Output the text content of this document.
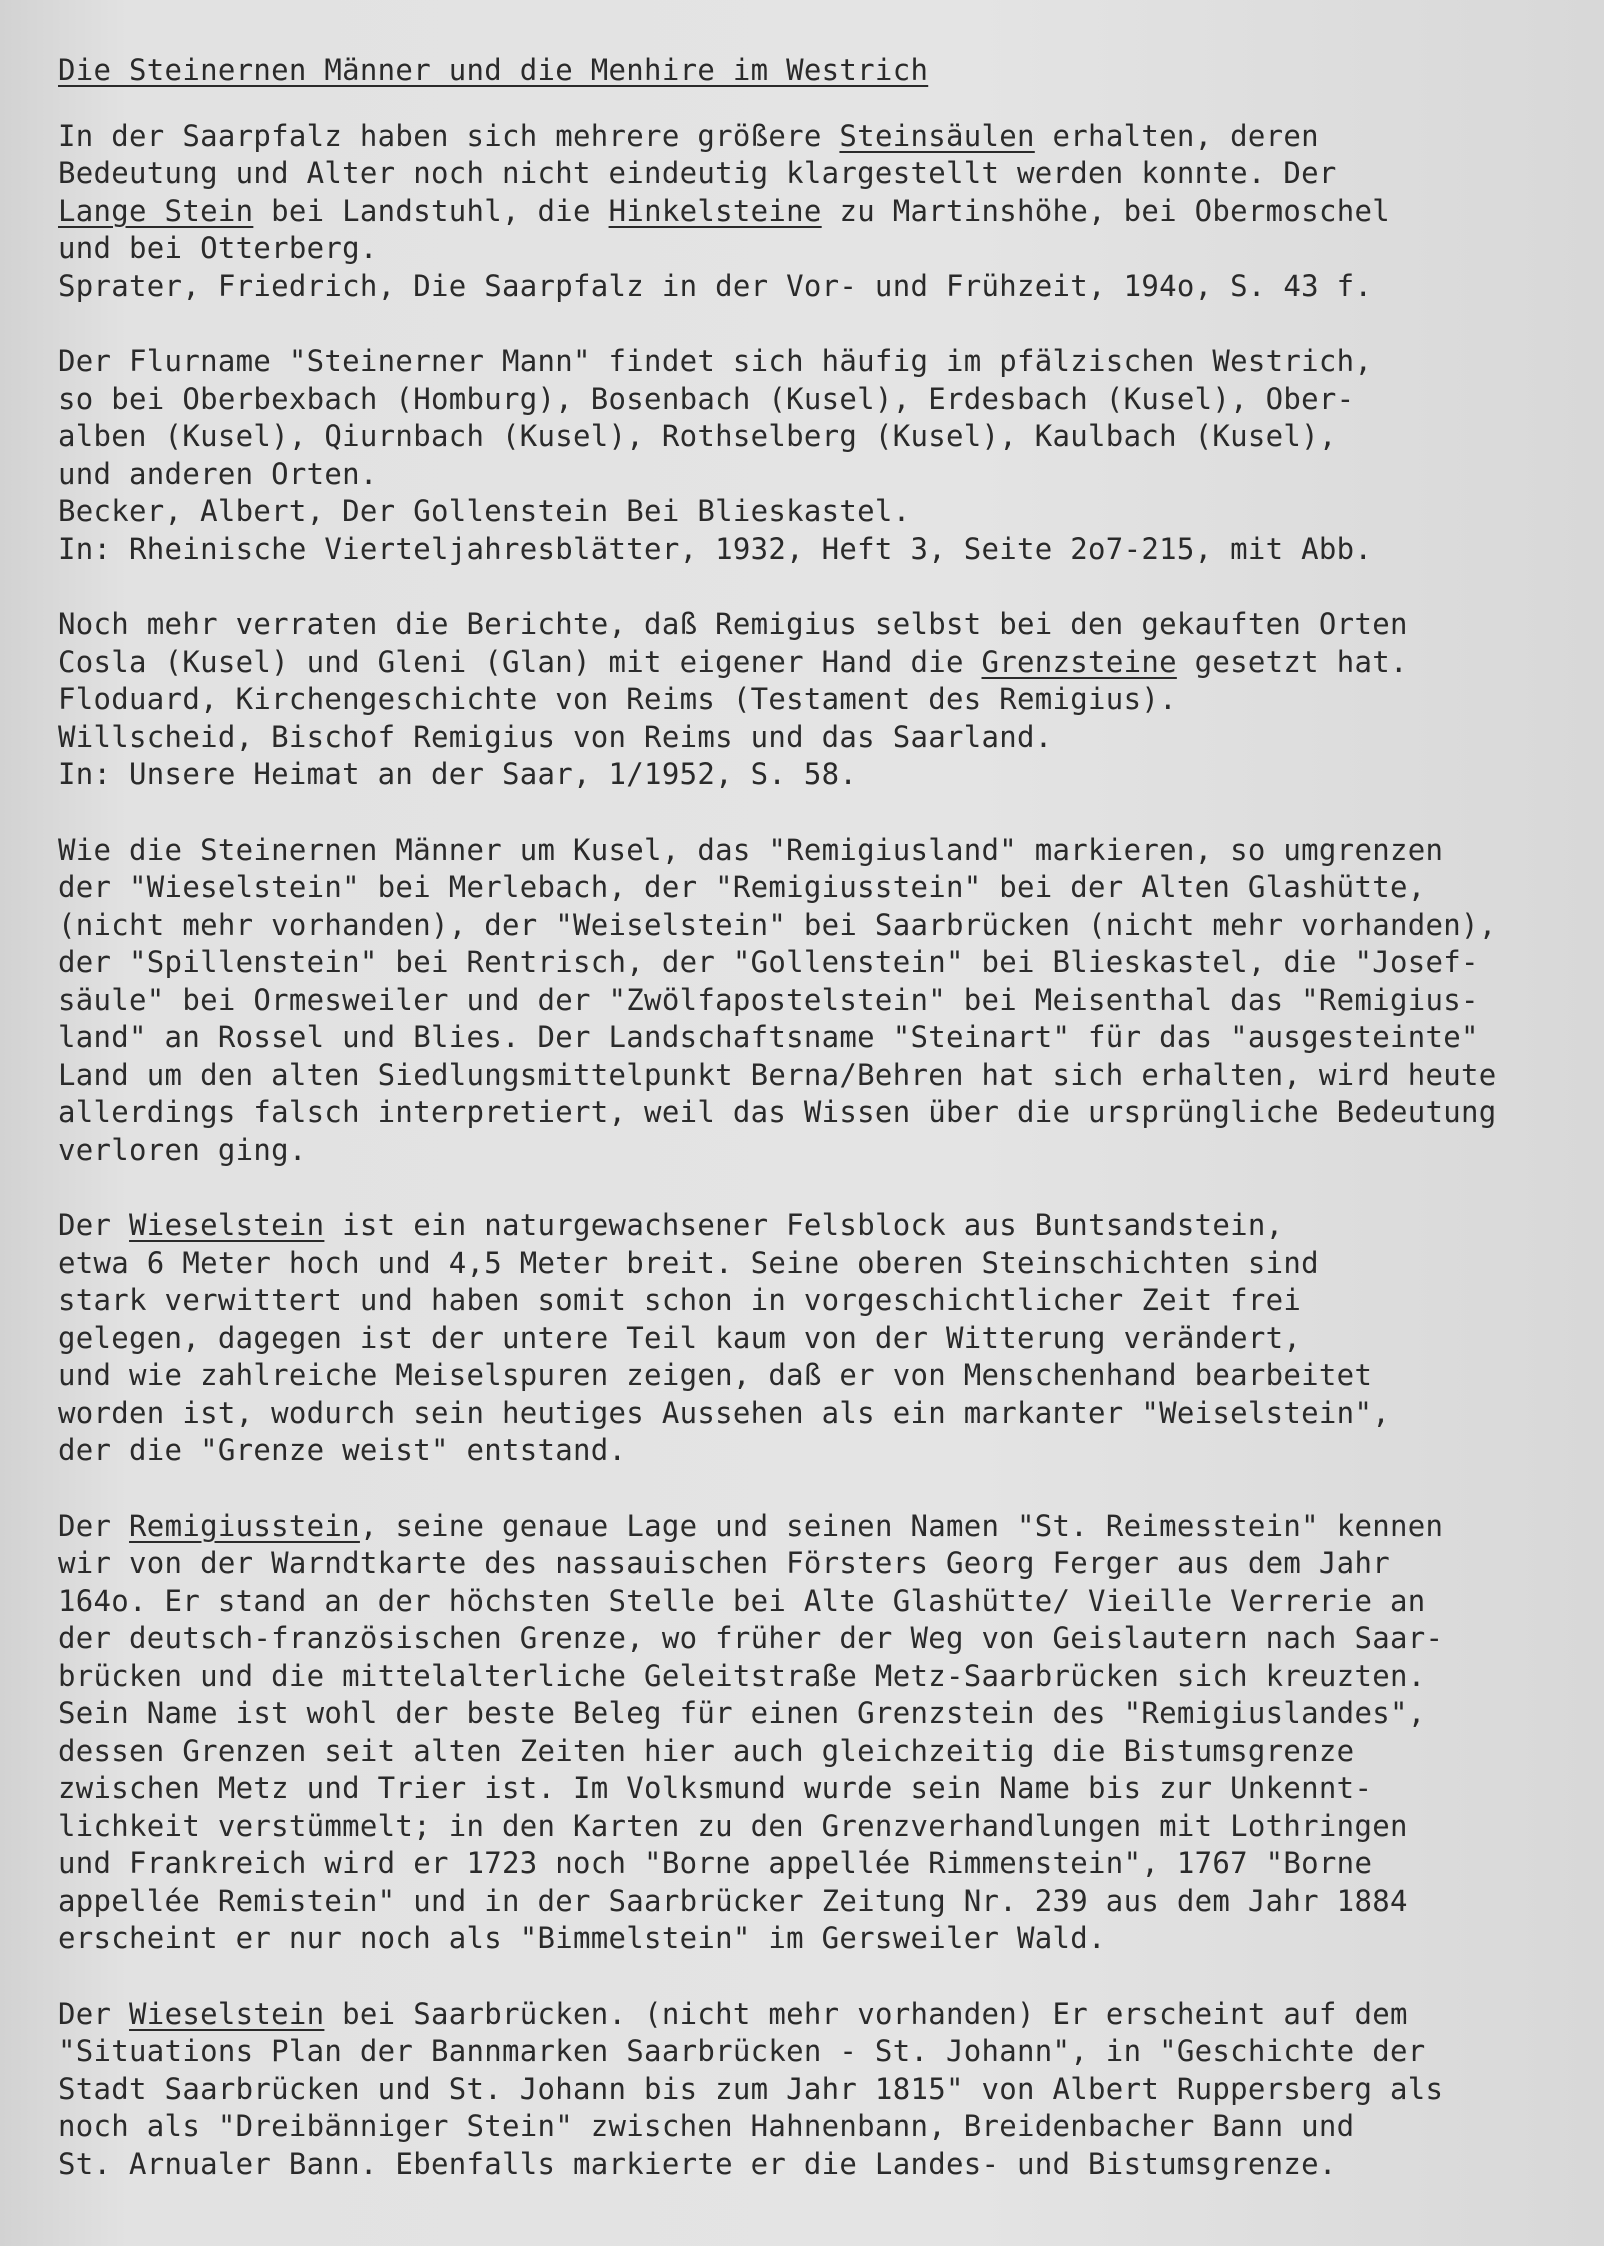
Die Steinernen Männer und die Menhire im Westrich
In der Saarpfalz haben sich mehrere größere Steinsäulen erhalten, deren
Bedeutung und Alter noch nicht eindeutig klargestellt werden konnte. Der
Lange Stein bei Landstuhl, die Hinkelsteine zu Martinshöhe, bei Obermoschel
und bei Otterberg.
Sprater, Friedrich, Die Saarpfalz in der Vor- und Frühzeit, 194o, S. 43 f.
Der Flurname "Steinerner Mann" findet sich häufig im pfälzischen Westrich,
so bei Oberbexbach (Homburg), Bosenbach (Kusel), Erdesbach (Kusel), Ober-
alben (Kusel), Qiurnbach (Kusel), Rothselberg (Kusel), Kaulbach (Kusel),
und anderen Orten.
Becker, Albert, Der Gollenstein Bei Blieskastel.
In: Rheinische Vierteljahresblätter, 1932, Heft 3, Seite 2o7-215, mit Abb.
Noch mehr verraten die Berichte, daß Remigius selbst bei den gekauften Orten
Cosla (Kusel) und Gleni (Glan) mit eigener Hand die Grenzsteine gesetzt hat.
Floduard, Kirchengeschichte von Reims (Testament des Remigius).
Willscheid, Bischof Remigius von Reims und das Saarland.
In: Unsere Heimat an der Saar, 1/1952, S. 58.
Wie die Steinernen Männer um Kusel, das "Remigiusland" markieren, so umgrenzen
der "Wieselstein" bei Merlebach, der "Remigiusstein" bei der Alten Glashütte,
(nicht mehr vorhanden), der "Weiselstein" bei Saarbrücken (nicht mehr vorhanden),
der "Spillenstein" bei Rentrisch, der "Gollenstein" bei Blieskastel, die "Josef-
säule" bei Ormesweiler und der "Zwölfapostelstein" bei Meisenthal das "Remigius-
land" an Rossel und Blies. Der Landschaftsname "Steinart" für das "ausgesteinte"
Land um den alten Siedlungsmittelpunkt Berna/Behren hat sich erhalten, wird heute
allerdings falsch interpretiert, weil das Wissen über die ursprüngliche Bedeutung
verloren ging.
Der Wieselstein ist ein naturgewachsener Felsblock aus Buntsandstein,
etwa 6 Meter hoch und 4,5 Meter breit. Seine oberen Steinschichten sind
stark verwittert und haben somit schon in vorgeschichtlicher Zeit frei
gelegen, dagegen ist der untere Teil kaum von der Witterung verändert,
und wie zahlreiche Meiselspuren zeigen, daß er von Menschenhand bearbeitet
worden ist, wodurch sein heutiges Aussehen als ein markanter "Weiselstein",
der die "Grenze weist" entstand.
Der Remigiusstein, seine genaue Lage und seinen Namen "St. Reimesstein" kennen
wir von der Warndtkarte des nassauischen Försters Georg Ferger aus dem Jahr
164o. Er stand an der höchsten Stelle bei Alte Glashütte/ Vieille Verrerie an
der deutsch-französischen Grenze, wo früher der Weg von Geislautern nach Saar-
brücken und die mittelalterliche Geleitstraße Metz-Saarbrücken sich kreuzten.
Sein Name ist wohl der beste Beleg für einen Grenzstein des "Remigiuslandes",
dessen Grenzen seit alten Zeiten hier auch gleichzeitig die Bistumsgrenze
zwischen Metz und Trier ist. Im Volksmund wurde sein Name bis zur Unkennt-
lichkeit verstümmelt; in den Karten zu den Grenzverhandlungen mit Lothringen
und Frankreich wird er 1723 noch "Borne appellée Rimmenstein", 1767 "Borne
appellée Remistein" und in der Saarbrücker Zeitung Nr. 239 aus dem Jahr 1884
erscheint er nur noch als "Bimmelstein" im Gersweiler Wald.
Der Wieselstein bei Saarbrücken. (nicht mehr vorhanden) Er erscheint auf dem
"Situations Plan der Bannmarken Saarbrücken - St. Johann", in "Geschichte der
Stadt Saarbrücken und St. Johann bis zum Jahr 1815" von Albert Ruppersberg als
noch als "Dreibänniger Stein" zwischen Hahnenbann, Breidenbacher Bann und
St. Arnualer Bann. Ebenfalls markierte er die Landes- und Bistumsgrenze.
